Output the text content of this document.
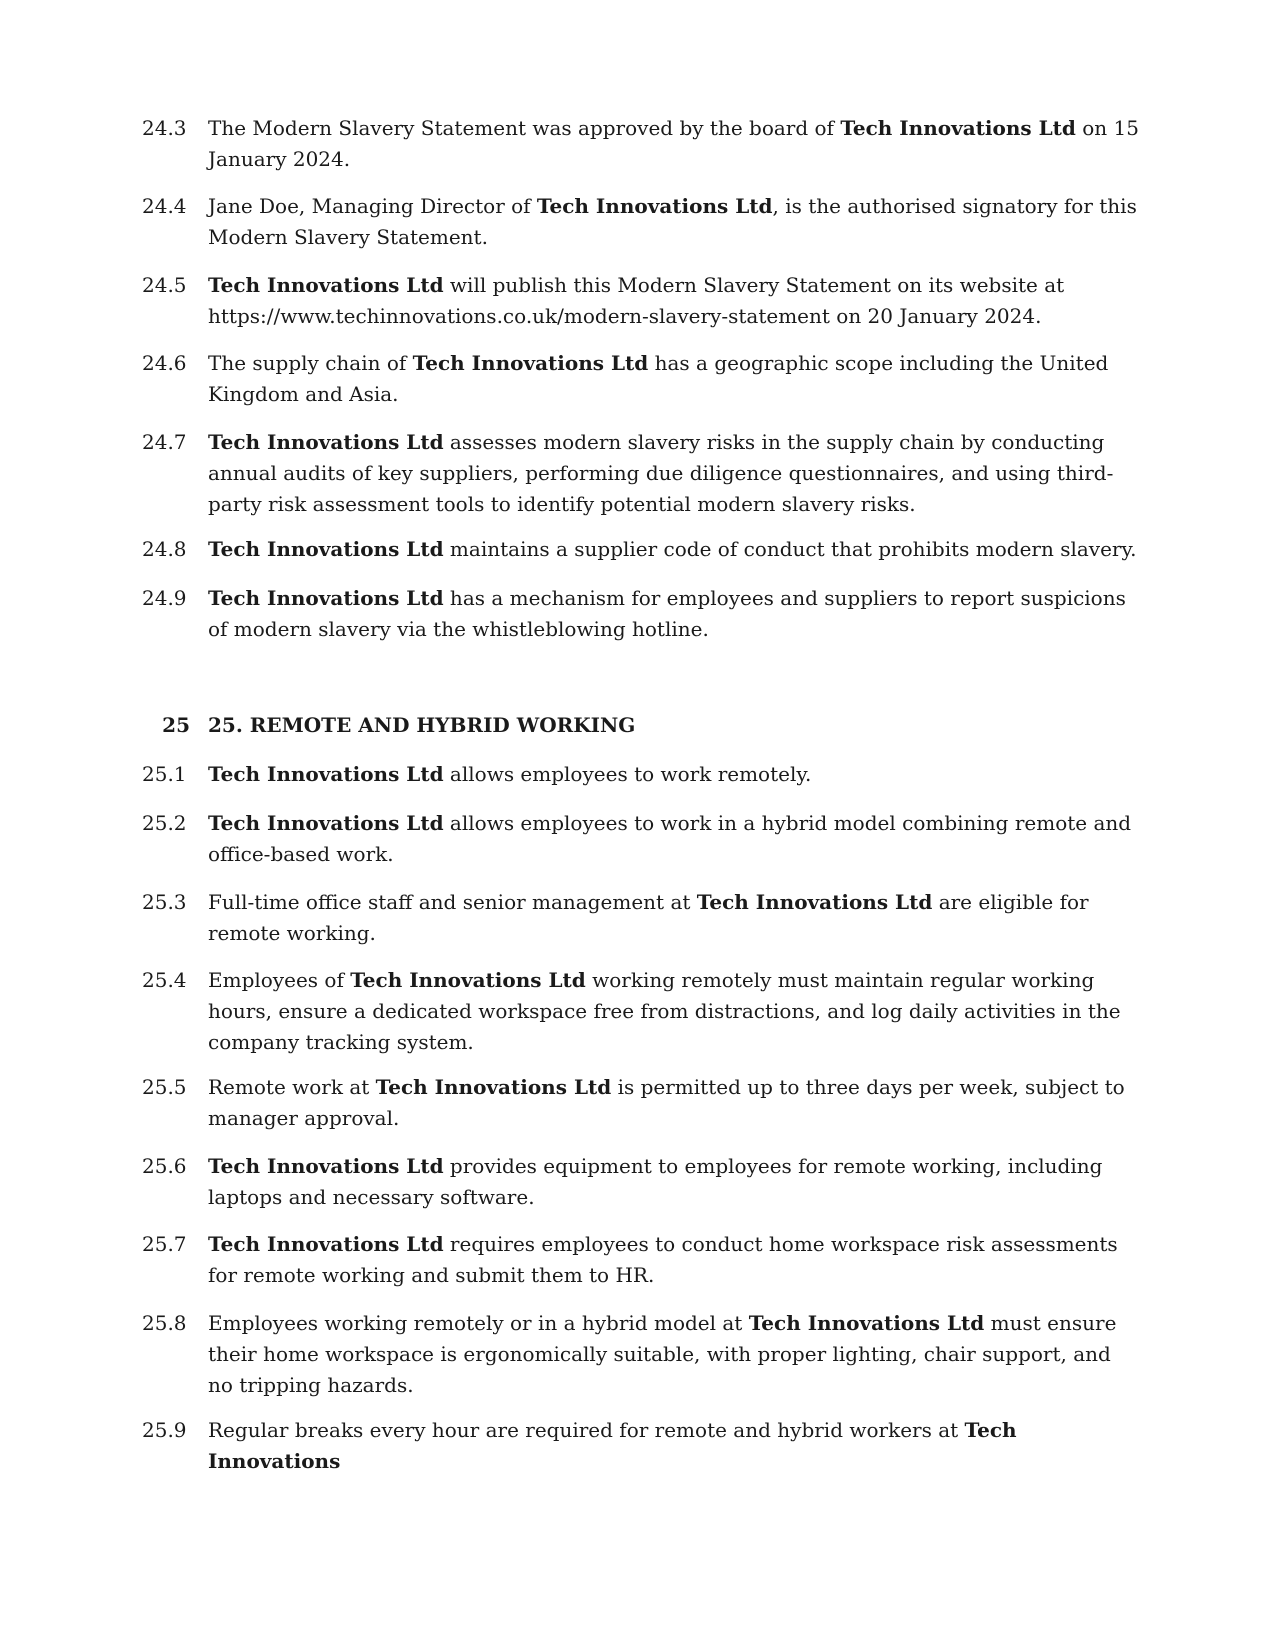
24.3	The Modern Slavery Statement was approved by the board of Tech Innovations Ltd on 15 January 2024.
24.4	Jane Doe, Managing Director of Tech Innovations Ltd, is the authorised signatory for this Modern Slavery Statement.
24.5	Tech Innovations Ltd will publish this Modern Slavery Statement on its website at https://www.techinnovations.co.uk/modern-slavery-statement on 20 January 2024.
24.6	The supply chain of Tech Innovations Ltd has a geographic scope including the United Kingdom and Asia.
24.7	Tech Innovations Ltd assesses modern slavery risks in the supply chain by conducting annual audits of key suppliers, performing due diligence questionnaires, and using third-party risk assessment tools to identify potential modern slavery risks.
24.8	Tech Innovations Ltd maintains a supplier code of conduct that prohibits modern slavery.
24.9	Tech Innovations Ltd has a mechanism for employees and suppliers to report suspicions of modern slavery via the whistleblowing hotline.
25 25. REMOTE AND HYBRID WORKING
25.1	Tech Innovations Ltd allows employees to work remotely.
25.2	Tech Innovations Ltd allows employees to work in a hybrid model combining remote and office-based work.
25.3	Full-time office staff and senior management at Tech Innovations Ltd are eligible for remote working.
25.4	Employees of Tech Innovations Ltd working remotely must maintain regular working hours, ensure a dedicated workspace free from distractions, and log daily activities in the company tracking system.
25.5	Remote work at Tech Innovations Ltd is permitted up to three days per week, subject to manager approval.
25.6	Tech Innovations Ltd provides equipment to employees for remote working, including laptops and necessary software.
25.7	Tech Innovations Ltd requires employees to conduct home workspace risk assessments for remote working and submit them to HR.
25.8	Employees working remotely or in a hybrid model at Tech Innovations Ltd must ensure their home workspace is ergonomically suitable, with proper lighting, chair support, and no tripping hazards.
25.9	Regular breaks every hour are required for remote and hybrid workers at Tech Innovations
